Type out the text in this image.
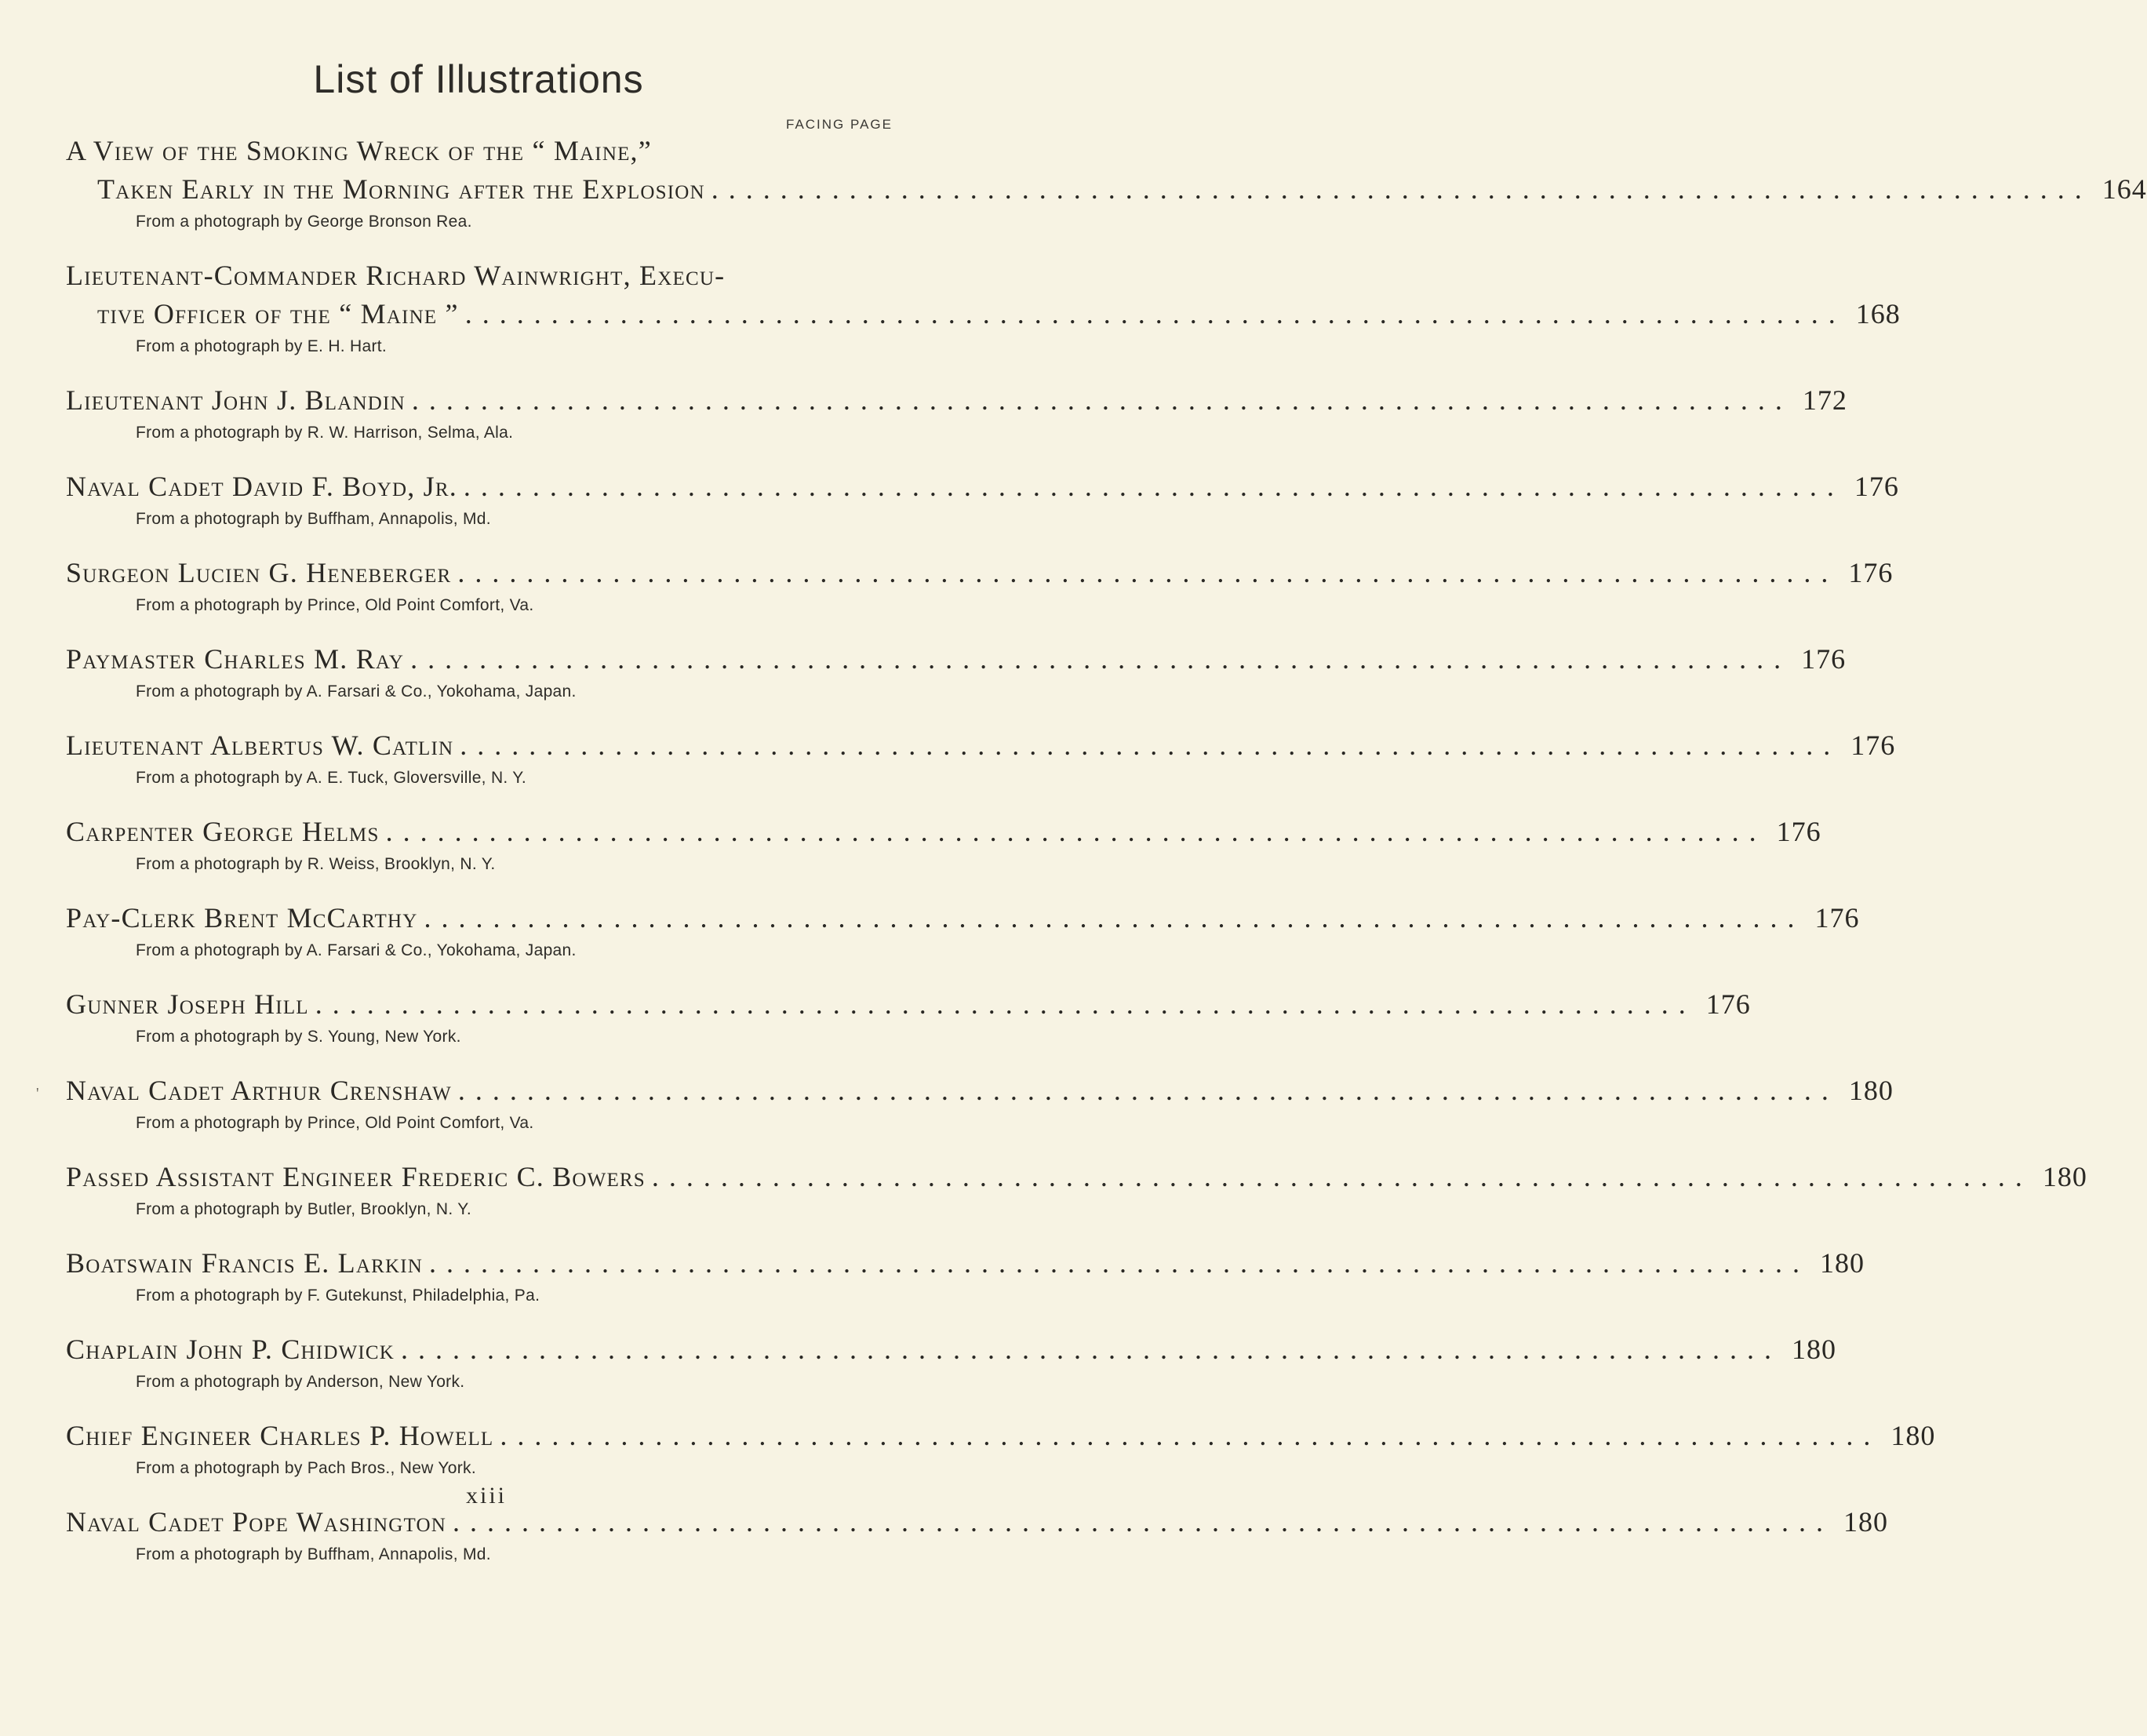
List of Illustrations
FACING PAGE
'
A View of the Smoking Wreck of the “ Maine,”
Taken Early in the Morning after the Explosion ................................................................................ 164
From a photograph by George Bronson Rea.
Lieutenant-Commander Richard Wainwright, Execu-
tive Officer of the “ Maine ” ................................................................................ 168
From a photograph by E. H. Hart.
Lieutenant John J. Blandin ................................................................................ 172
From a photograph by R. W. Harrison, Selma, Ala.
Naval Cadet David F. Boyd, Jr. ................................................................................ 176
From a photograph by Buffham, Annapolis, Md.
Surgeon Lucien G. Heneberger ................................................................................ 176
From a photograph by Prince, Old Point Comfort, Va.
Paymaster Charles M. Ray ................................................................................ 176
From a photograph by A. Farsari & Co., Yokohama, Japan.
Lieutenant Albertus W. Catlin ................................................................................ 176
From a photograph by A. E. Tuck, Gloversville, N. Y.
Carpenter George Helms ................................................................................ 176
From a photograph by R. Weiss, Brooklyn, N. Y.
Pay-Clerk Brent McCarthy ................................................................................ 176
From a photograph by A. Farsari & Co., Yokohama, Japan.
Gunner Joseph Hill ................................................................................ 176
From a photograph by S. Young, New York.
Naval Cadet Arthur Crenshaw ................................................................................ 180
From a photograph by Prince, Old Point Comfort, Va.
Passed Assistant Engineer Frederic C. Bowers ................................................................................ 180
From a photograph by Butler, Brooklyn, N. Y.
Boatswain Francis E. Larkin ................................................................................ 180
From a photograph by F. Gutekunst, Philadelphia, Pa.
Chaplain John P. Chidwick ................................................................................ 180
From a photograph by Anderson, New York.
Chief Engineer Charles P. Howell ................................................................................ 180
From a photograph by Pach Bros., New York.
Naval Cadet Pope Washington ................................................................................ 180
From a photograph by Buffham, Annapolis, Md.
xiii
